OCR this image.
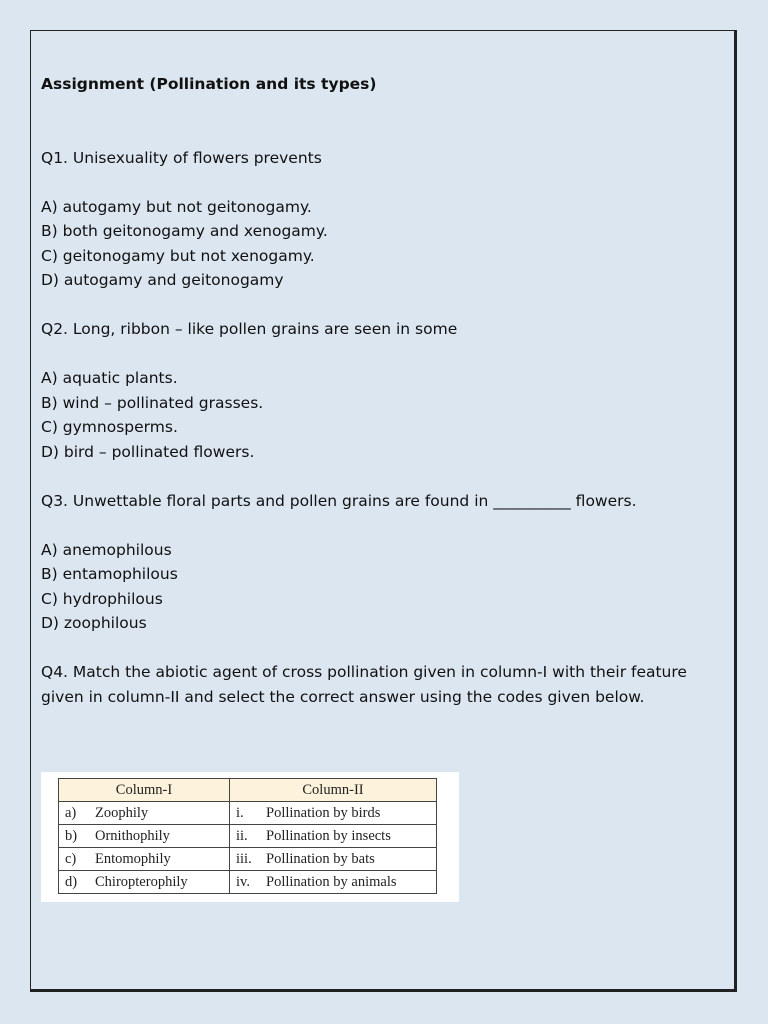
Assignment (Pollination and its types)
Q1. Unisexuality of flowers prevents
A) autogamy but not geitonogamy.
B) both geitonogamy and xenogamy.
C) geitonogamy but not xenogamy.
D) autogamy and geitonogamy
Q2. Long, ribbon – like pollen grains are seen in some
A) aquatic plants.
B) wind – pollinated grasses.
C) gymnosperms.
D) bird – pollinated flowers.
Q3. Unwettable floral parts and pollen grains are found in __________ flowers.
A) anemophilous
B) entamophilous
C) hydrophilous
D) zoophilous
Q4. Match the abiotic agent of cross pollination given in column-I with their feature given in column-II and select the correct answer using the codes given below.
Column-I	Column-II
a) Zoophily	i. Pollination by birds
b) Ornithophily	ii. Pollination by insects
c) Entomophily	iii. Pollination by bats
d) Chiropterophily	iv. Pollination by animals
